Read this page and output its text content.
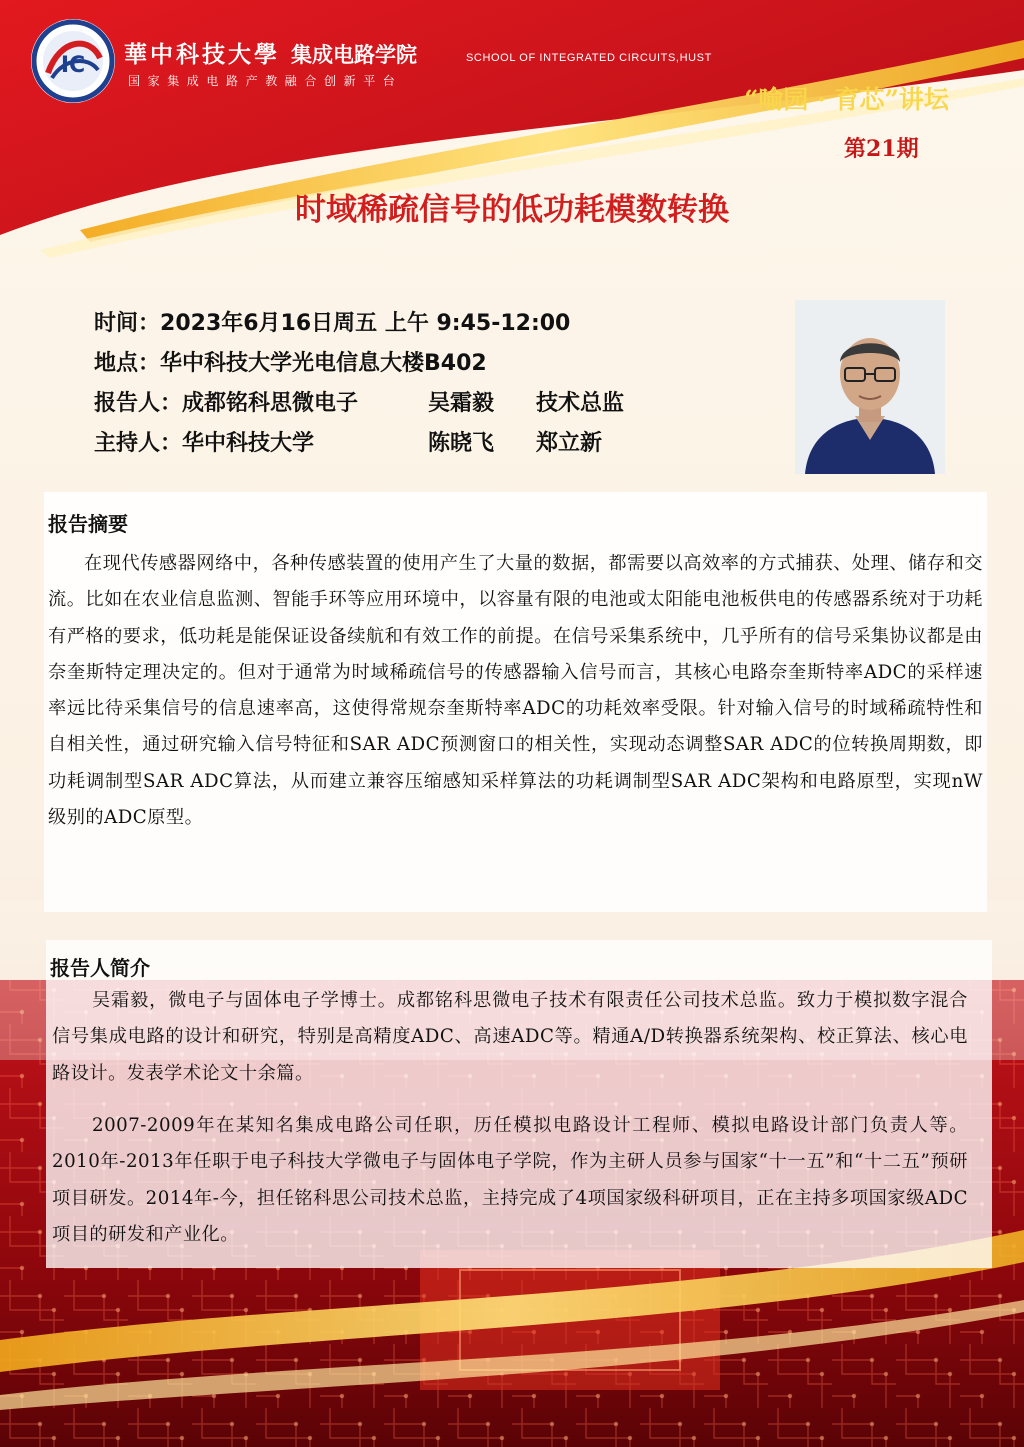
IC 華中科技大學 集成电路学院	SCHOOL OF INTEGRATED CIRCUITS,HUST
国家集成电路产教融合创新平台
“喻园 · 育芯”讲坛
第21期
时域稀疏信号的低功耗模数转换
时间：2023年6月16日周五 上午 9:45-12:00
地点：华中科技大学光电信息大楼B402
报告人：成都铭科思微电子	吴霜毅 技术总监
主持人：华中科技大学	陈晓飞 郑立新
报告摘要
在现代传感器网络中，各种传感装置的使用产生了大量的数据，都需要以高效率的方式捕获、处理、储存和交流。比如在农业信息监测、智能手环等应用环境中，以容量有限的电池或太阳能电池板供电的传感器系统对于功耗有严格的要求，低功耗是能保证设备续航和有效工作的前提。在信号采集系统中，几乎所有的信号采集协议都是由奈奎斯特定理决定的。但对于通常为时域稀疏信号的传感器输入信号而言，其核心电路奈奎斯特率ADC的采样速率远比待采集信号的信息速率高，这使得常规奈奎斯特率ADC的功耗效率受限。针对输入信号的时域稀疏特性和自相关性，通过研究输入信号特征和SAR ADC预测窗口的相关性，实现动态调整SAR ADC的位转换周期数，即功耗调制型SAR ADC算法，从而建立兼容压缩感知采样算法的功耗调制型SAR ADC架构和电路原型，实现nW级别的ADC原型。
报告人简介
吴霜毅，微电子与固体电子学博士。成都铭科思微电子技术有限责任公司技术总监。致力于模拟数字混合信号集成电路的设计和研究，特别是高精度ADC、高速ADC等。精通A/D转换器系统架构、校正算法、核心电路设计。发表学术论文十余篇。
2007-2009年在某知名集成电路公司任职，历任模拟电路设计工程师、模拟电路设计部门负责人等。2010年-2013年任职于电子科技大学微电子与固体电子学院，作为主研人员参与国家“十一五”和“十二五”预研项目研发。2014年-今，担任铭科思公司技术总监，主持完成了4项国家级科研项目，正在主持多项国家级ADC项目的研发和产业化。
